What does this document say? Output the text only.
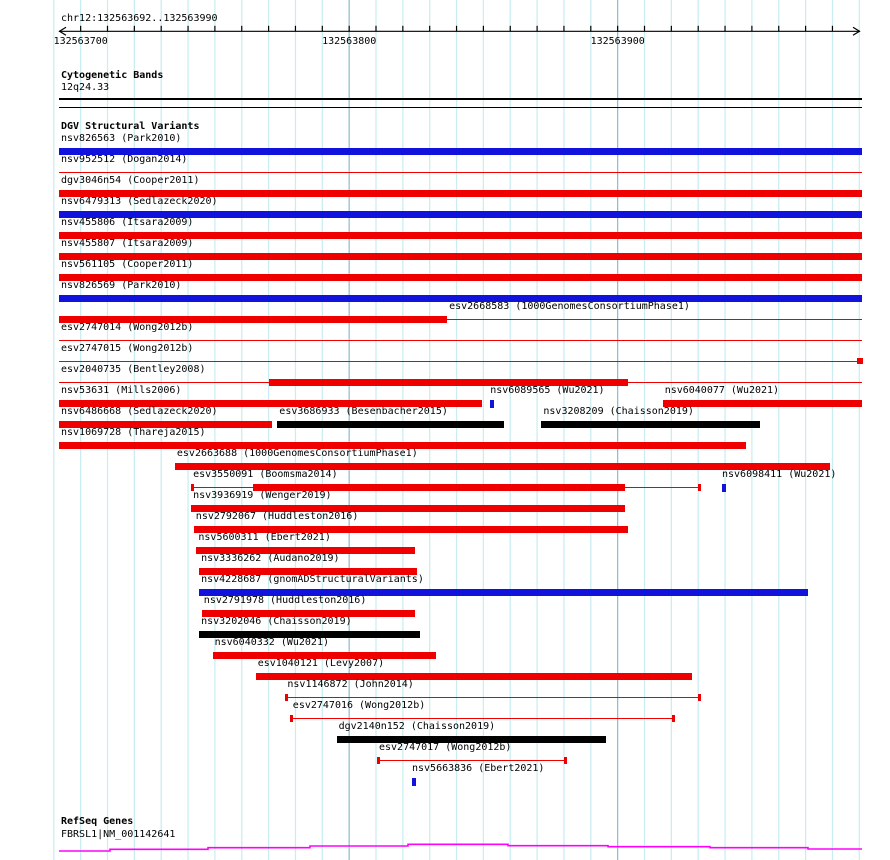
chr12:132563692..132563990
132563700	132563800	132563900
Cytogenetic Bands
12q24.33
DGV Structural Variants
nsv826563 (Park2010)
nsv952512 (Dogan2014)
dgv3046n54 (Cooper2011)
nsv6479313 (Sedlazeck2020)
nsv455806 (Itsara2009)
nsv455807 (Itsara2009)
nsv561105 (Cooper2011)
nsv826569 (Park2010)
esv2668583 (1000GenomesConsortiumPhase1)
esv2747014 (Wong2012b)
esv2747015 (Wong2012b)
esv2040735 (Bentley2008)
nsv53631 (Mills2006)	nsv6089565 (Wu2021)	nsv6040077 (Wu2021)
nsv6486668 (Sedlazeck2020)	esv3686933 (Besenbacher2015)	nsv3208209 (Chaisson2019)
nsv1069728 (Thareja2015)
esv2663688 (1000GenomesConsortiumPhase1)
esv3550091 (Boomsma2014)	nsv6098411 (Wu2021)
nsv3936919 (Wenger2019)
nsv2792067 (Huddleston2016)
nsv5600311 (Ebert2021)
nsv3336262 (Audano2019)
nsv4228687 (gnomADStructuralVariants)
nsv2791978 (Huddleston2016)
nsv3202046 (Chaisson2019)
nsv6040332 (Wu2021)
esv1040121 (Levy2007)
nsv1146872 (John2014)
esv2747016 (Wong2012b)
dgv2140n152 (Chaisson2019)
esv2747017 (Wong2012b)
nsv5663836 (Ebert2021)
RefSeq Genes
FBRSL1|NM_001142641
